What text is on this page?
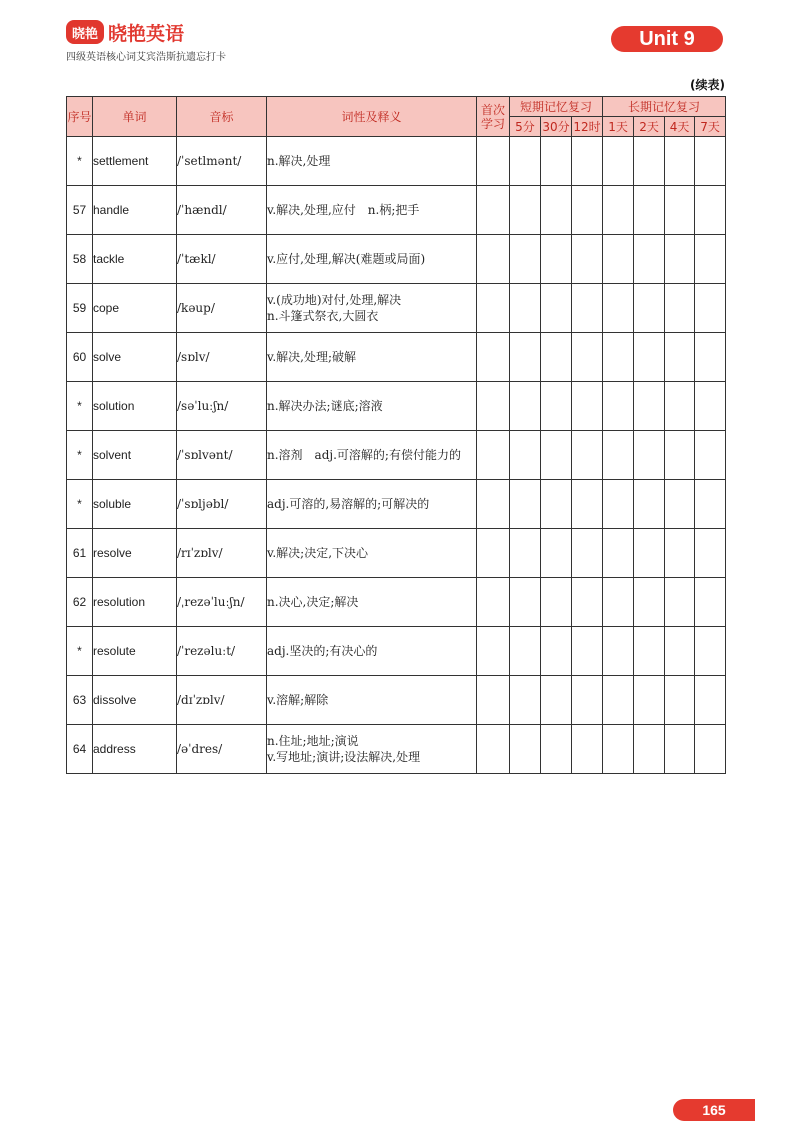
晓艳 晓艳英语
四级英语核心词艾宾浩斯抗遗忘打卡
Unit 9
(续表)
序号	单词	音标	词性及释义	首次学习	短期记忆复习			长期记忆复习			
					5分	30分	12时	1天	2天	4天	7天
*	settlement	/ˈsetlmənt/	n.解决,处理								

57	handle	/ˈhændl/	v.解决,处理,应付　n.柄;把手								

58	tackle	/ˈtækl/	v.应付,处理,解决(难题或局面)								

59	cope	/kəup/	v.(成功地)对付,处理,解决
n.斗篷式祭衣,大圆衣								

60	solve	/sɒlv/	v.解决,处理;破解								

*	solution	/səˈluːʃn/	n.解决办法;谜底;溶液								

*	solvent	/ˈsɒlvənt/	n.溶剂　adj.可溶解的;有偿付能力的								

*	soluble	/ˈsɒljəbl/	adj.可溶的,易溶解的;可解决的								

61	resolve	/rɪˈzɒlv/	v.解决;决定,下决心								

62	resolution	/ˌrezəˈluːʃn/	n.决心,决定;解决								

*	resolute	/ˈrezəluːt/	adj.坚决的;有决心的								

63	dissolve	/dɪˈzɒlv/	v.溶解;解除								

64	address	/əˈdres/	n.住址;地址;演说
v.写地址;演讲;设法解决,处理								

165
